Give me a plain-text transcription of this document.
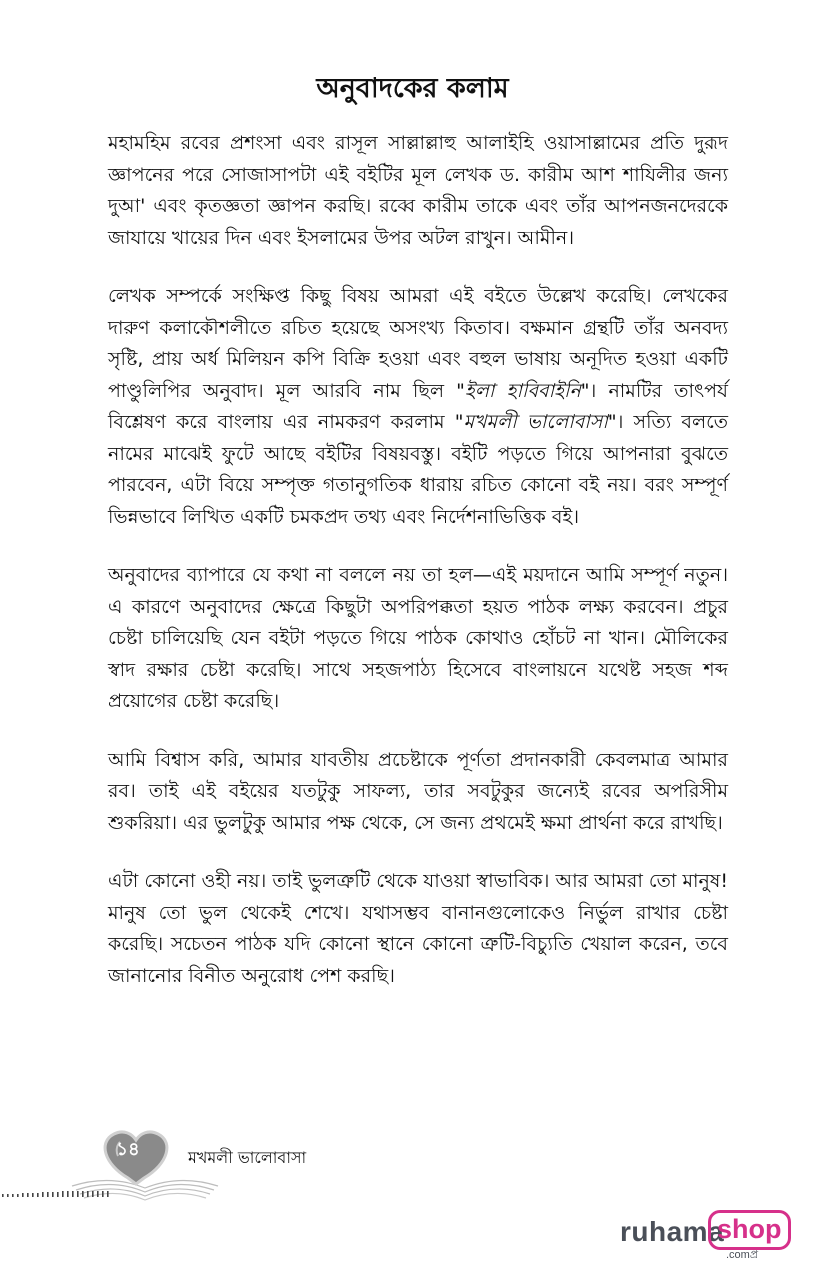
অনুবাদকের কলাম

মহামহিম রবের প্রশংসা এবং রাসূল সাল্লাল্লাহু আলাইহি ওয়াসাল্লামের প্রতি দুরূদ জ্ঞাপনের পরে সোজাসাপটা এই বইটির মূল লেখক ড. কারীম আশ শাযিলীর জন্য দুআ' এবং কৃতজ্ঞতা জ্ঞাপন করছি। রব্বে কারীম তাকে এবং তাঁর আপনজনদেরকে জাযায়ে খায়ের দিন এবং ইসলামের উপর অটল রাখুন। আমীন।

লেখক সম্পর্কে সংক্ষিপ্ত কিছু বিষয় আমরা এই বইতে উল্লেখ করেছি। লেখকের দারুণ কলাকৌশলীতে রচিত হয়েছে অসংখ্য কিতাব। বক্ষমান গ্রন্থটি তাঁর অনবদ্য সৃষ্টি, প্রায় অর্ধ মিলিয়ন কপি বিক্রি হওয়া এবং বহুল ভাষায় অনূদিত হওয়া একটি পাণ্ডুলিপির অনুবাদ। মূল আরবি নাম ছিল "ইলা হাবিবাইনি"। নামটির তাৎপর্য বিশ্লেষণ করে বাংলায় এর নামকরণ করলাম "মখমলী ভালোবাসা"। সত্যি বলতে নামের মাঝেই ফুটে আছে বইটির বিষয়বস্তু। বইটি পড়তে গিয়ে আপনারা বুঝতে পারবেন, এটা বিয়ে সম্পৃক্ত গতানুগতিক ধারায় রচিত কোনো বই নয়। বরং সম্পূর্ণ ভিন্নভাবে লিখিত একটি চমকপ্রদ তথ্য এবং নির্দেশনাভিত্তিক বই।

অনুবাদের ব্যাপারে যে কথা না বললে নয় তা হল—এই ময়দানে আমি সম্পূর্ণ নতুন। এ কারণে অনুবাদের ক্ষেত্রে কিছুটা অপরিপক্কতা হয়ত পাঠক লক্ষ্য করবেন। প্রচুর চেষ্টা চালিয়েছি যেন বইটা পড়তে গিয়ে পাঠক কোথাও হোঁচট না খান। মৌলিকের স্বাদ রক্ষার চেষ্টা করেছি। সাথে সহজপাঠ্য হিসেবে বাংলায়নে যথেষ্ট সহজ শব্দ প্রয়োগের চেষ্টা করেছি।

আমি বিশ্বাস করি, আমার যাবতীয় প্রচেষ্টাকে পূর্ণতা প্রদানকারী কেবলমাত্র আমার রব। তাই এই বইয়ের যতটুকু সাফল্য, তার সবটুকুর জন্যেই রবের অপরিসীম শুকরিয়া। এর ভুলটুকু আমার পক্ষ থেকে, সে জন্য প্রথমেই ক্ষমা প্রার্থনা করে রাখছি।

এটা কোনো ওহী নয়। তাই ভুলত্রুটি থেকে যাওয়া স্বাভাবিক। আর আমরা তো মানুষ! মানুষ তো ভুল থেকেই শেখে। যথাসম্ভব বানানগুলোকেও নির্ভুল রাখার চেষ্টা করেছি। সচেতন পাঠক যদি কোনো স্থানে কোনো ত্রুটি-বিচ্যুতি খেয়াল করেন, তবে জানানোর বিনীত অনুরোধ পেশ করছি।

১৪	মখমলী ভালোবাসা
ruhama
shop
.comপ্র
